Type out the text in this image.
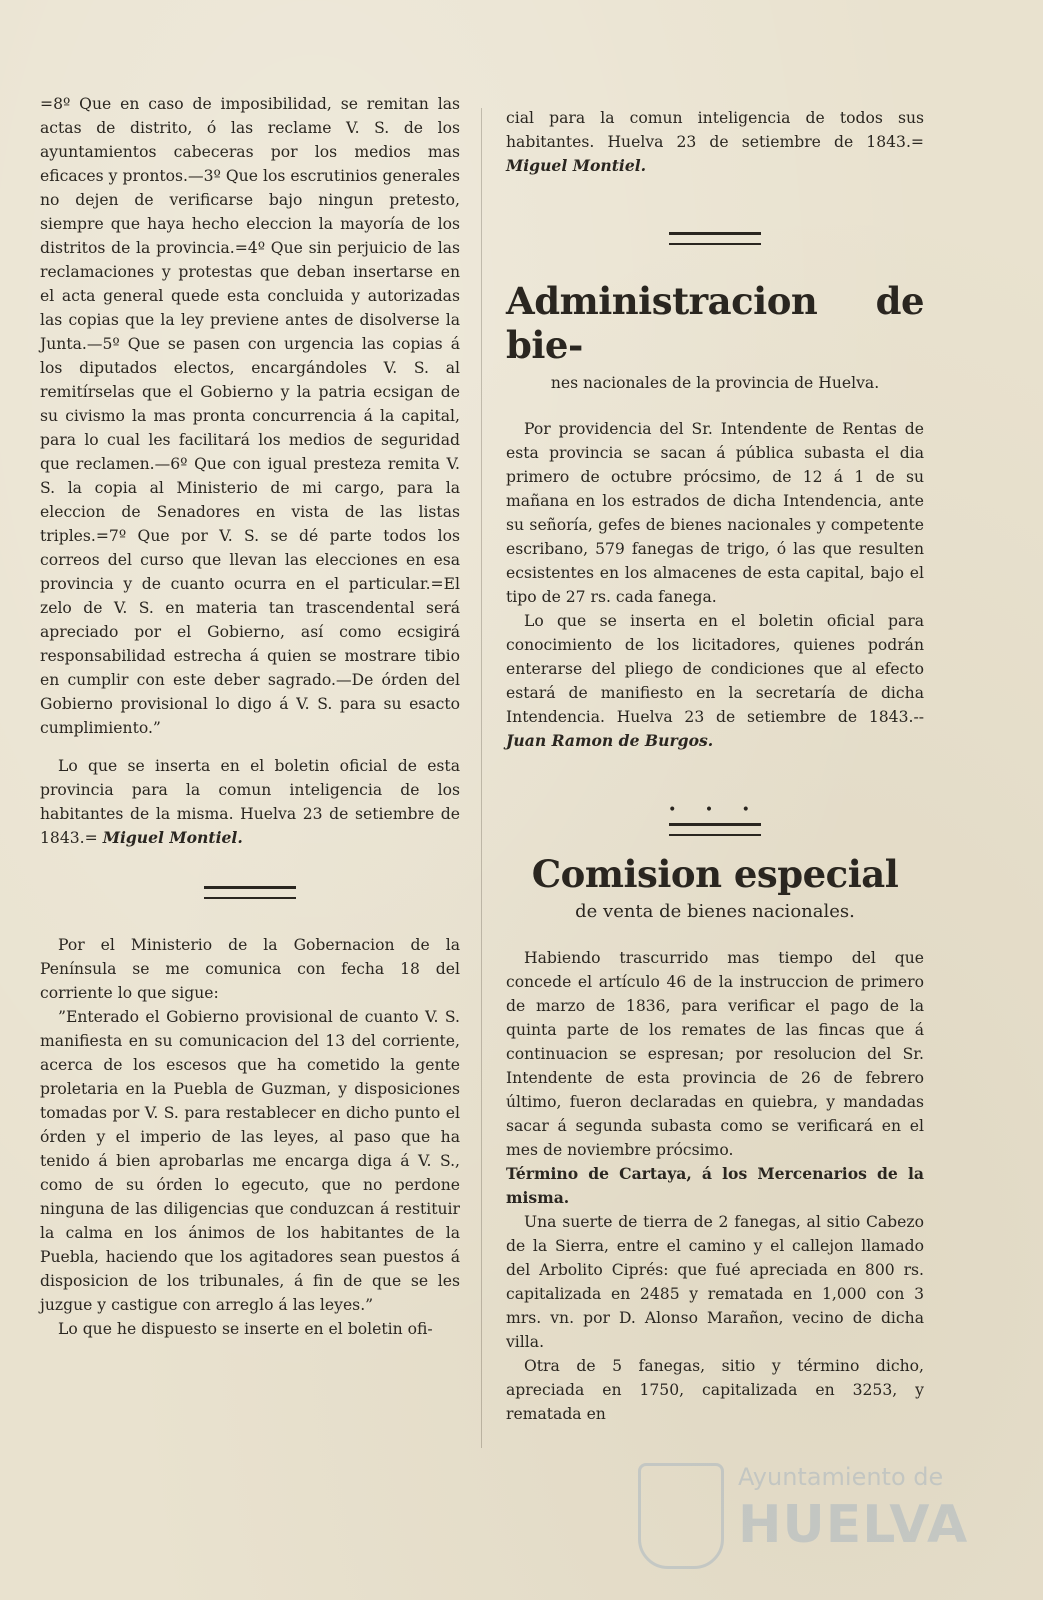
=8º Que en caso de imposibilidad, se remitan las actas de distrito, ó las reclame V. S. de los ayuntamientos cabeceras por los medios mas eficaces y prontos.—3º Que los escrutinios generales no dejen de verificarse bajo ningun pretesto, siempre que haya hecho eleccion la mayoría de los distritos de la provincia.=4º Que sin perjuicio de las reclamaciones y protestas que deban insertarse en el acta general quede esta concluida y autorizadas las copias que la ley previene antes de disolverse la Junta.—5º Que se pasen con urgencia las copias á los diputados electos, encargándoles V. S. al remitírselas que el Gobierno y la patria ecsigan de su civismo la mas pronta concurrencia á la capital, para lo cual les facilitará los medios de seguridad que reclamen.—6º Que con igual presteza remita V. S. la copia al Ministerio de mi cargo, para la eleccion de Senadores en vista de las listas triples.=7º Que por V. S. se dé parte todos los correos del curso que llevan las elecciones en esa provincia y de cuanto ocurra en el particular.=El zelo de V. S. en materia tan trascendental será apreciado por el Gobierno, así como ecsigirá responsabilidad estrecha á quien se mostrare tibio en cumplir con este deber sagrado.—De órden del Gobierno provisional lo digo á V. S. para su esacto cumplimiento.”

Lo que se inserta en el boletin oficial de esta provincia para la comun inteligencia de los habitantes de la misma. Huelva 23 de setiembre de 1843.= Miguel Montiel.

Por el Ministerio de la Gobernacion de la Península se me comunica con fecha 18 del corriente lo que sigue:

”Enterado el Gobierno provisional de cuanto V. S. manifiesta en su comunicacion del 13 del corriente, acerca de los escesos que ha cometido la gente proletaria en la Puebla de Guzman, y disposiciones tomadas por V. S. para restablecer en dicho punto el órden y el imperio de las leyes, al paso que ha tenido á bien aprobarlas me encarga diga á V. S., como de su órden lo egecuto, que no perdone ninguna de las diligencias que conduzcan á restituir la calma en los ánimos de los habitantes de la Puebla, haciendo que los agitadores sean puestos á disposicion de los tribunales, á fin de que se les juzgue y castigue con arreglo á las leyes.”

Lo que he dispuesto se inserte en el boletin ofi-

cial para la comun inteligencia de todos sus habitantes. Huelva 23 de setiembre de 1843.= Miguel Montiel.

Administracion de bie-
nes nacionales de la provincia de Huelva.

Por providencia del Sr. Intendente de Rentas de esta provincia se sacan á pública subasta el dia primero de octubre prócsimo, de 12 á 1 de su mañana en los estrados de dicha Intendencia, ante su señoría, gefes de bienes nacionales y competente escribano, 579 fanegas de trigo, ó las que resulten ecsistentes en los almacenes de esta capital, bajo el tipo de 27 rs. cada fanega.

Lo que se inserta en el boletin oficial para conocimiento de los licitadores, quienes podrán enterarse del pliego de condiciones que al efecto estará de manifiesto en la secretaría de dicha Intendencia. Huelva 23 de setiembre de 1843.-- Juan Ramon de Burgos.

• • •
Comision especial
de venta de bienes nacionales.

Habiendo trascurrido mas tiempo del que concede el artículo 46 de la instruccion de primero de marzo de 1836, para verificar el pago de la quinta parte de los remates de las fincas que á continuacion se espresan; por resolucion del Sr. Intendente de esta provincia de 26 de febrero último, fueron declaradas en quiebra, y mandadas sacar á segunda subasta como se verificará en el mes de noviembre prócsimo.

Término de Cartaya, á los Mercenarios de la misma.

Una suerte de tierra de 2 fanegas, al sitio Cabezo de la Sierra, entre el camino y el callejon llamado del Arbolito Ciprés: que fué apreciada en 800 rs. capitalizada en 2485 y rematada en 1,000 con 3 mrs. vn. por D. Alonso Marañon, vecino de dicha villa.

Otra de 5 fanegas, sitio y término dicho, apreciada en 1750, capitalizada en 3253, y rematada en

Ayuntamiento de
HUELVA
